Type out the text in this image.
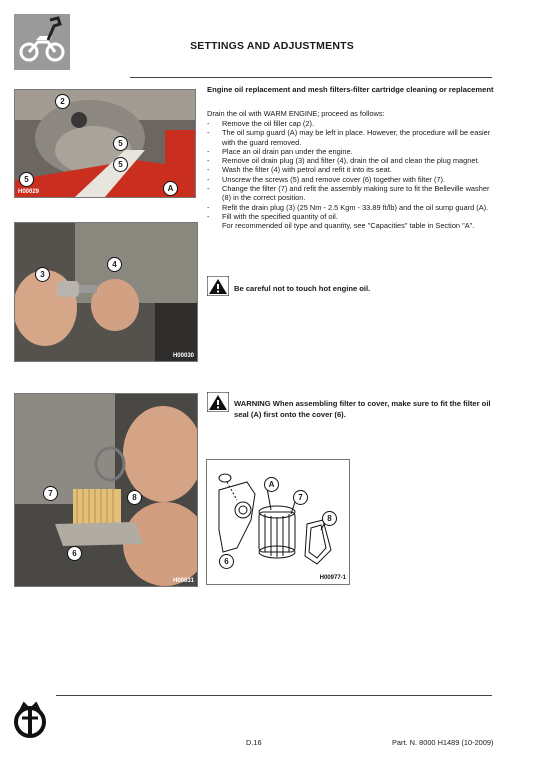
SETTINGS AND ADJUSTMENTS
2
5
5
5
A
H00029
3
4
H00030
7	8
6
H00031
A
7
8
6
H00977-1
Engine oil replacement and mesh filters-filter cartridge cleaning or replacement
Drain the oil with WARM ENGINE; proceed as follows:
- Remove the oil filler cap (2).
- The oil sump guard (A) may be left in place. However, the procedure will be easier with the guard removed.
- Place an oil drain pan under the engine.
- Remove oil drain plug (3) and filter (4), drain the oil and clean the plug magnet.
- Wash the filter (4) with petrol and refit it into its seat.
- Unscrew the screws (5) and remove cover (6) together with filter (7).
- Change the filter (7) and refit the assembly making sure to fit the Belleville washer (8) in the correct position.
- Refit the drain plug (3) (25 Nm - 2.5 Kgm - 33.89 ft/lb) and the oil sump guard (A).
- Fill with the specified quantity of oil.
For recommended oil type and quantity, see "Capacities" table in Section "A".
Be careful not to touch hot engine oil.
WARNING When assembling filter to cover, make sure to fit the filter oil seal (A) first onto the cover (6).
D.16	Part. N. 8000 H1489 (10-2009)
